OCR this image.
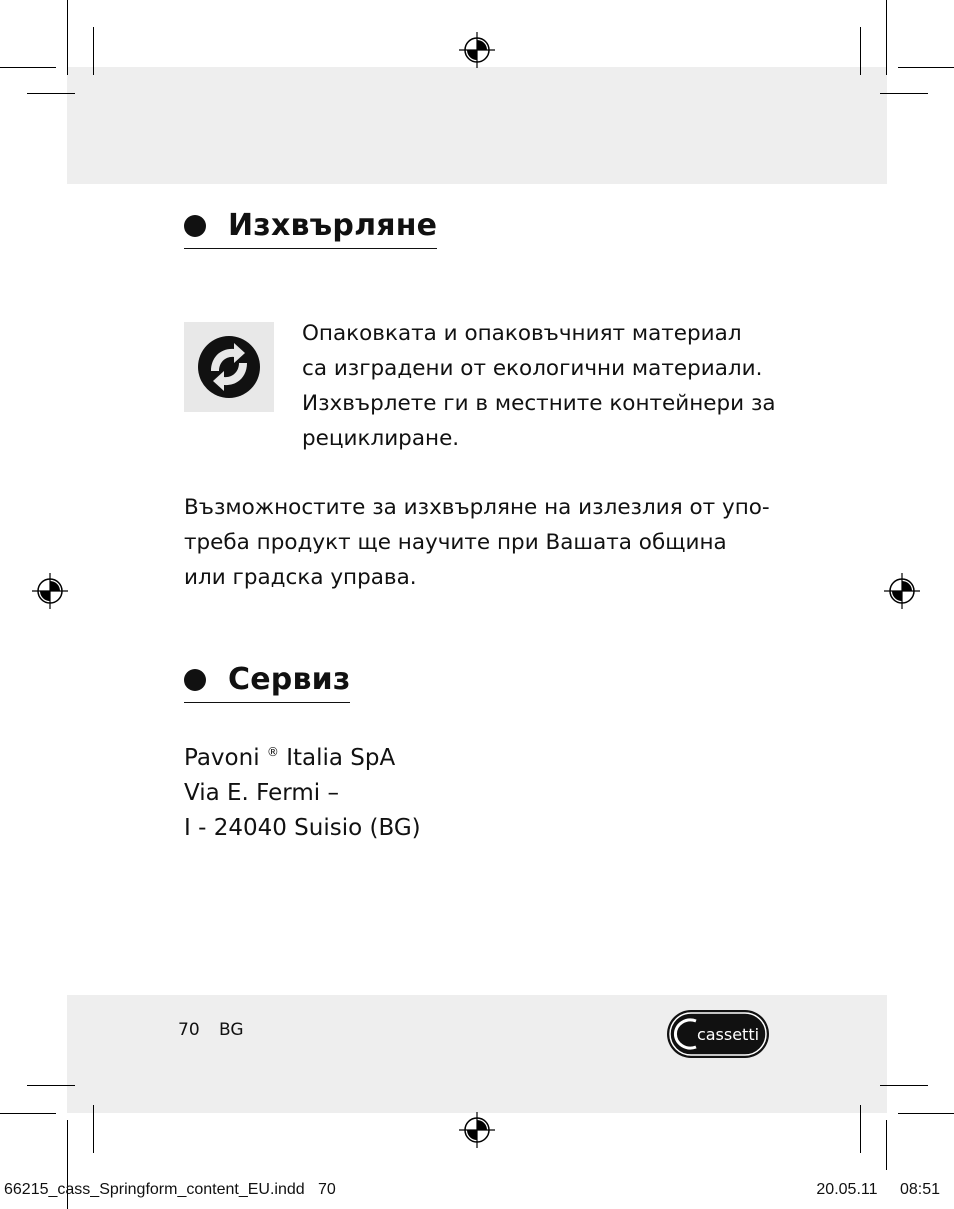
Изхвърляне

Опаковката и опаковъчният материал
са изградени от екологични материали.
Изхвърлете ги в местните контейнери за
рециклиране.

Възможностите за изхвърляне на излезлия от упо-
треба продукт ще научите при Вашата община
или градска управа.

Сервиз

Pavoni ® Italia SpA
Via E. Fermi –
I - 24040 Suisio (BG)

70 BG	cassetti
66215_cass_Springform_content_EU.indd 70	20.05.11 08:51
